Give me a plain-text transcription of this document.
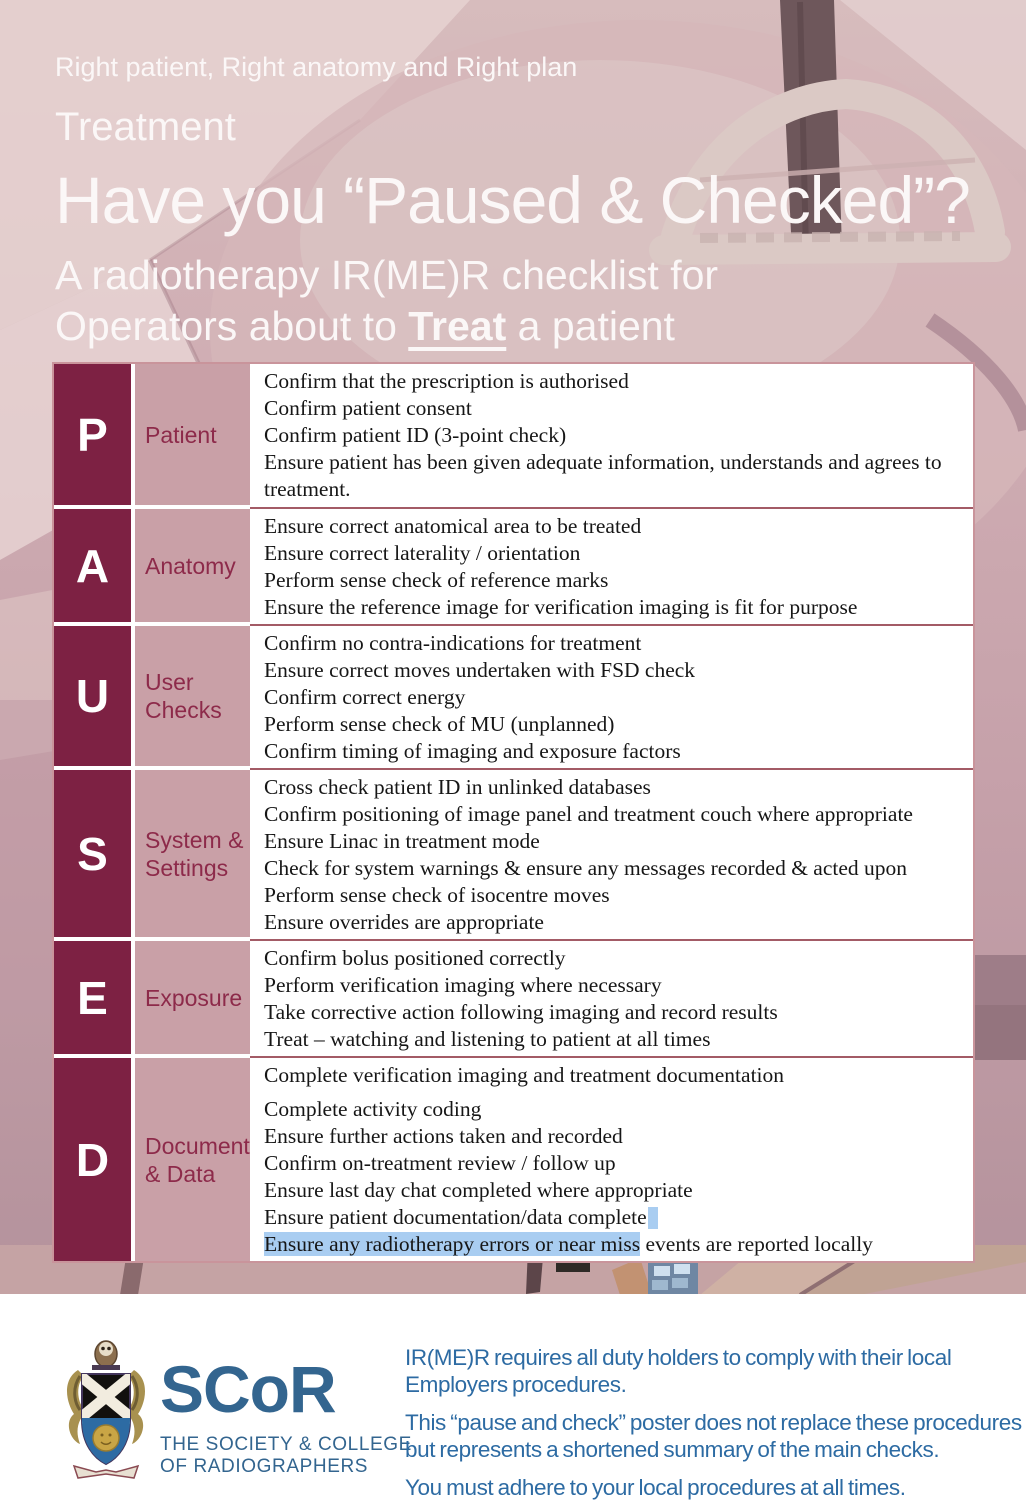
Right patient, Right anatomy and Right plan
Treatment
Have you “Paused & Checked”?
A radiotherapy IR(ME)R checklist for
Operators about to Treat a patient
P	Patient
Confirm that the prescription is authorised
Confirm patient consent
Confirm patient ID (3-point check)
Ensure patient has been given adequate information, understands and agrees to treatment.
A	Anatomy
Ensure correct anatomical area to be treated
Ensure correct laterality / orientation
Perform sense check of reference marks
Ensure the reference image for verification imaging is fit for purpose
U	User Checks
Confirm no contra-indications for treatment
Ensure correct moves undertaken with FSD check
Confirm correct energy
Perform sense check of MU (unplanned)
Confirm timing of imaging and exposure factors
S	System & Settings
Cross check patient ID in unlinked databases
Confirm positioning of image panel and treatment couch where appropriate
Ensure Linac in treatment mode
Check for system warnings & ensure any messages recorded & acted upon
Perform sense check of isocentre moves
Ensure overrides are appropriate
E	Exposure
Confirm bolus positioned correctly
Perform verification imaging where necessary
Take corrective action following imaging and record results
Treat – watching and listening to patient at all times
D	Document & Data
Complete verification imaging and treatment documentation
Complete activity coding
Ensure further actions taken and recorded
Confirm on-treatment review / follow up
Ensure last day chat completed where appropriate
Ensure patient documentation/data complete
Ensure any radiotherapy errors or near miss events are reported locally
SCoR
THE SOCIETY & COLLEGE
OF RADIOGRAPHERS

IR(ME)R requires all duty holders to comply with their local Employers procedures.

This “pause and check” poster does not replace these procedures but represents a shortened summary of the main checks.

You must adhere to your local procedures at all times.
